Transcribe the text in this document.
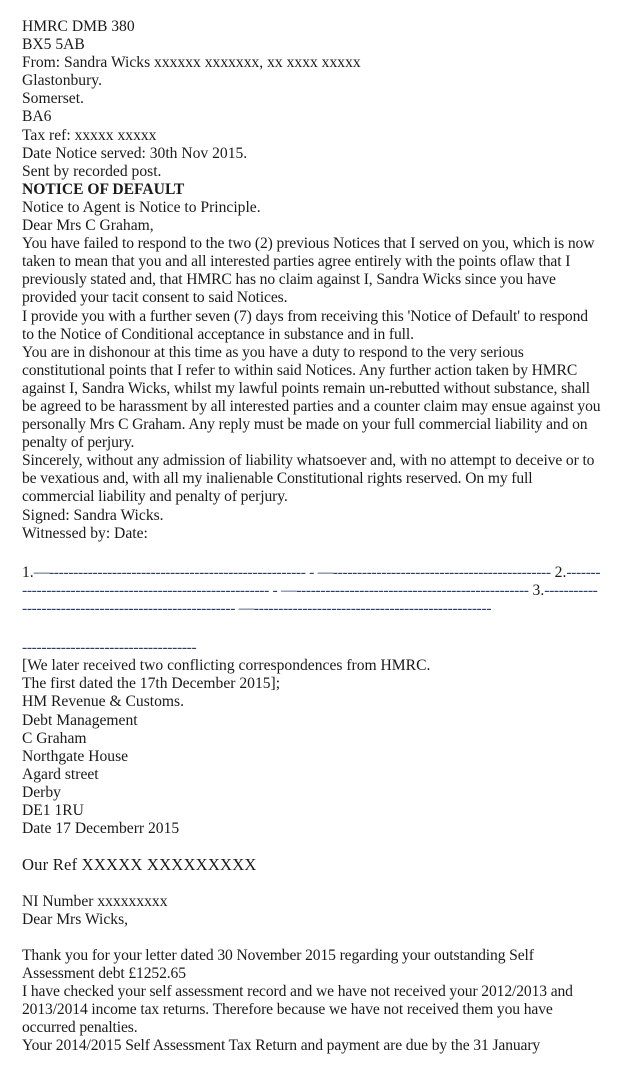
HMRC DMB 380
BX5 5AB
From: Sandra Wicks xxxxxx xxxxxxx, xx xxxx xxxxx
Glastonbury.
Somerset.
BA6
Tax ref: xxxxx xxxxx
Date Notice served: 30th Nov 2015.
Sent by recorded post.
NOTICE OF DEFAULT
Notice to Agent is Notice to Principle.
Dear Mrs C Graham,

You have failed to respond to the two (2) previous Notices that I served on you, which is now taken to mean that you and all interested parties agree entirely with the points oflaw that I previously stated and, that HMRC has no claim against I, Sandra Wicks since you have provided your tacit consent to said Notices.

I provide you with a further seven (7) days from receiving this 'Notice of Default' to respond to the Notice of Conditional acceptance in substance and in full.

You are in dishonour at this time as you have a duty to respond to the very serious constitutional points that I refer to within said Notices. Any further action taken by HMRC against I, Sandra Wicks, whilst my lawful points remain un-rebutted without substance, shall be agreed to be harassment by all interested parties and a counter claim may ensue against you personally Mrs C Graham. Any reply must be made on your full commercial liability and on penalty of perjury.

Sincerely, without any admission of liability whatsoever and, with no attempt to deceive or to be vexatious and, with all my inalienable Constitutional rights reserved. On my full commercial liability and penalty of perjury.

Signed: Sandra Wicks.
Witnessed by: Date:
1.—----------------------------------------------------- - —--------------------------------------------- 2.---------------------------------------------------------- - —------------------------------------------------ 3.------------------------------------------------------- —-------------------------------------------------
------------------------------------
[We later received two conflicting correspondences from HMRC.
The first dated the 17th December 2015];
HM Revenue & Customs.
Debt Management
C Graham
Northgate House
Agard street
Derby
DE1 1RU
Date 17 Decemberr 2015
Our Ref XXXXX XXXXXXXXX
NI Number xxxxxxxxx
Dear Mrs Wicks,

Thank you for your letter dated 30 November 2015 regarding your outstanding Self Assessment debt £1252.65

I have checked your self assessment record and we have not received your 2012/2013 and 2013/2014 income tax returns. Therefore because we have not received them you have occurred penalties.

Your 2014/2015 Self Assessment Tax Return and payment are due by the 31 January
